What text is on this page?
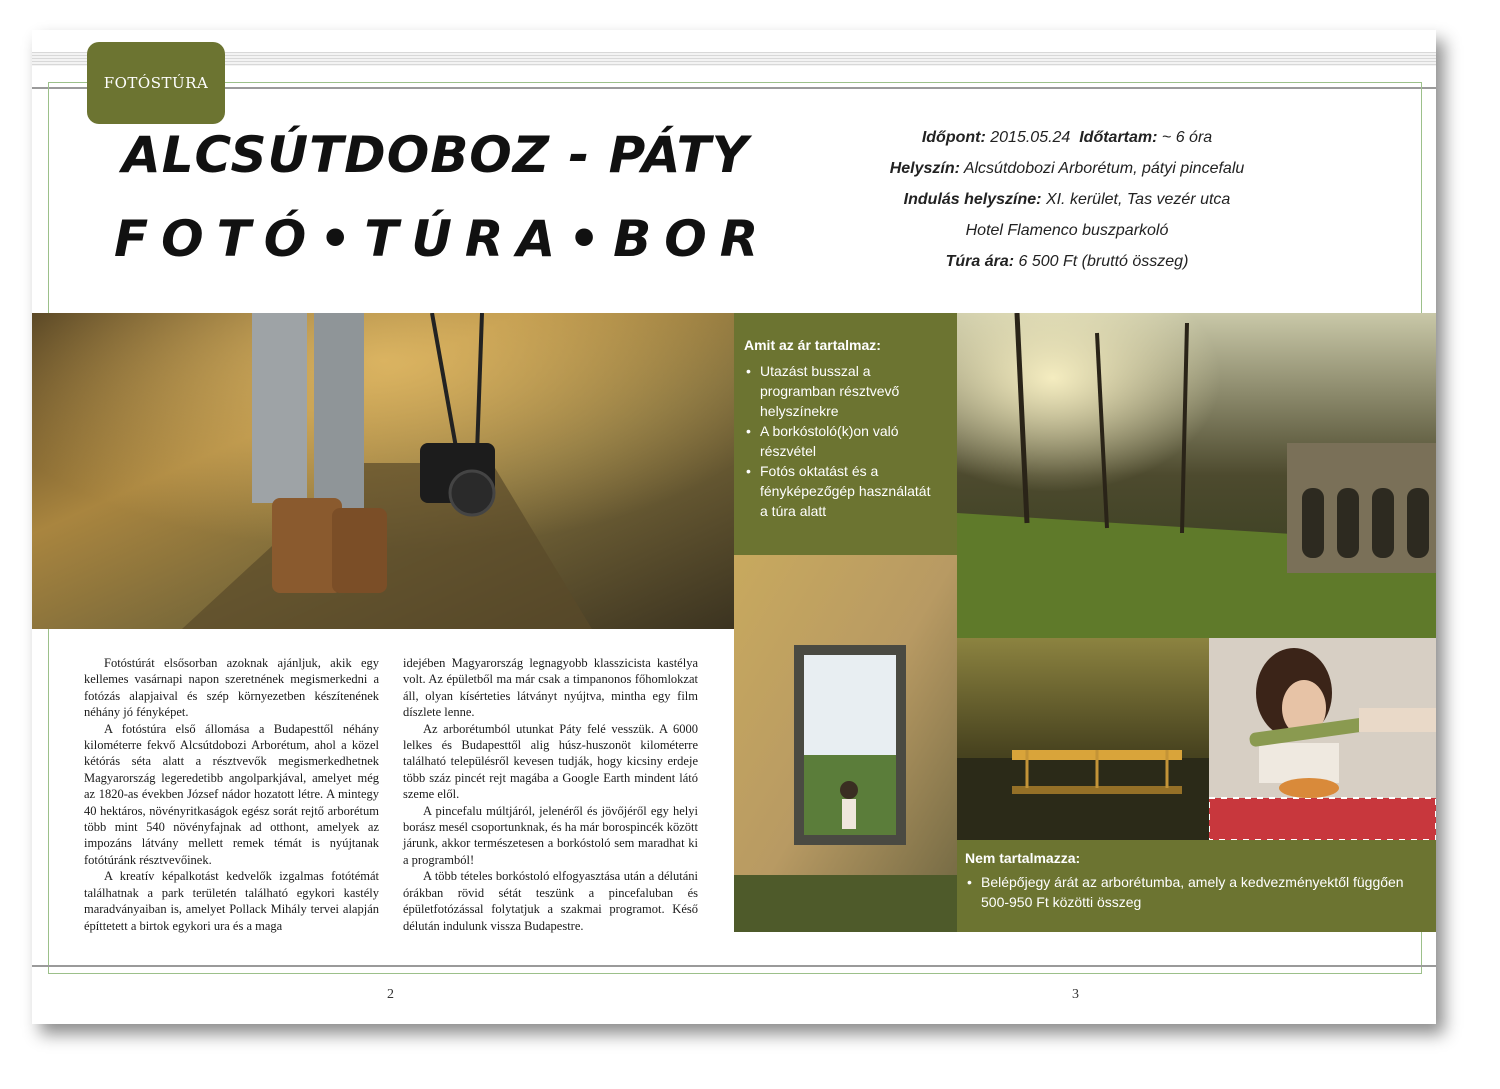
FOTÓSTÚRA
ALCSÚTDOBOZ - PÁTY
FOTÓ•TÚRA•BOR
Időpont: 2015.05.24 Időtartam: ~ 6 óra
Helyszín: Alcsútdobozi Arborétum, pátyi pincefalu
Indulás helyszíne: XI. kerület, Tas vezér utca
Hotel Flamenco buszparkoló
Túra ára: 6 500 Ft (bruttó összeg)
Amit az ár tartalmaz:
• Utazást busszal a programban résztvevő helyszínekre
• A borkóstoló(k)on való részvétel
• Fotós oktatást és a fényképezőgép használatát a túra alatt
Nem tartalmazza:
• Belépőjegy árát az arborétumba, amely a kedvezményektől függően 500-950 Ft közötti összeg

Fotóstúrát elsősorban azoknak ajánljuk, akik egy kellemes vasárnapi napon szeretnének megismerkedni a fotózás alapjaival és szép környezetben készítenének néhány jó fényképet.

A fotóstúra első állomása a Budapesttől néhány kilométerre fekvő Alcsútdobozi Arborétum, ahol a közel kétórás séta alatt a résztvevők megismerkedhetnek Magyarország legeredetibb angolparkjával, amelyet még az 1820-as években József nádor hozatott létre. A mintegy 40 hektáros, növényritkaságok egész sorát rejtő arborétum több mint 540 növényfajnak ad otthont, amelyek az impozáns látvány mellett remek témát is nyújtanak fotótúránk résztvevőinek.

A kreatív képalkotást kedvelők izgalmas fotótémát találhatnak a park területén található egykori kastély maradványaiban is, amelyet Pollack Mihály tervei alapján építtetett a birtok egykori ura és a maga

idejében Magyarország legnagyobb klasszicista kastélya volt. Az épületből ma már csak a timpanonos főhomlokzat áll, olyan kísérteties látványt nyújtva, mintha egy film díszlete lenne.

Az arborétumból utunkat Páty felé vesszük. A 6000 lelkes és Budapesttől alig húsz-huszonöt kilométerre található településről kevesen tudják, hogy kicsiny erdeje több száz pincét rejt magába a Google Earth mindent látó szeme elől.

A pincefalu múltjáról, jelenéről és jövőjéről egy helyi borász mesél csoportunknak, és ha már borospincék között járunk, akkor természetesen a borkóstoló sem maradhat ki a programból!

A több tételes borkóstoló elfogyasztása után a délutáni órákban rövid sétát teszünk a pincefaluban és épületfotózással folytatjuk a szakmai programot. Késő délután indulunk vissza Budapestre.

2	3
